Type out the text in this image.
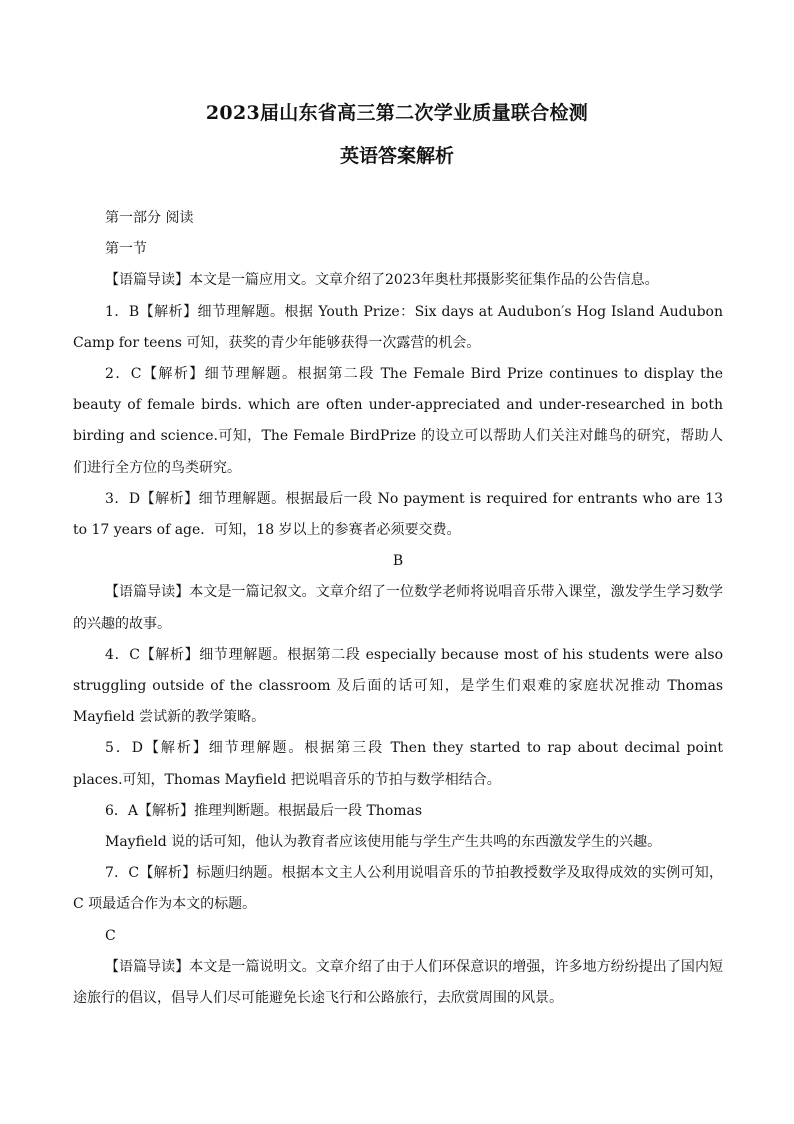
2023届山东省高三第二次学业质量联合检测
英语答案解析

第一部分 阅读

第一节

【语篇导读】本文是一篇应用文。文章介绍了2023年奥杜邦摄影奖征集作品的公告信息。

1．B【解析】细节理解题。根据 Youth Prize：Six days at Audubon′s Hog Island Audubon Camp for teens 可知，获奖的青少年能够获得一次露营的机会。

2．C【解析】细节理解题。根据第二段 The Female Bird Prize continues to display the beauty of female birds. which are often under-appreciated and under-researched in both birding and science.可知，The Female BirdPrize 的设立可以帮助人们关注对雌鸟的研究，帮助人们进行全方位的鸟类研究。

3．D【解析】细节理解题。根据最后一段 No payment is required for entrants who are 13 to 17 years of age．可知，18 岁以上的参赛者必须要交费。

B

【语篇导读】本文是一篇记叙文。文章介绍了一位数学老师将说唱音乐带入课堂，激发学生学习数学的兴趣的故事。

4．C【解析】细节理解题。根据第二段 especially because most of his students were also struggling outside of the classroom 及后面的话可知，是学生们艰难的家庭状况推动 Thomas Mayfield 尝试新的教学策略。

5．D【解析】细节理解题。根据第三段 Then they started to rap about decimal point places.可知，Thomas Mayfield 把说唱音乐的节拍与数学相结合。

6．A【解析】推理判断题。根据最后一段 Thomas

Mayfield 说的话可知，他认为教育者应该使用能与学生产生共鸣的东西激发学生的兴趣。

7．C【解析】标题归纳题。根据本文主人公利用说唱音乐的节拍教授数学及取得成效的实例可知，C 项最适合作为本文的标题。

C

【语篇导读】本文是一篇说明文。文章介绍了由于人们环保意识的增强，许多地方纷纷提出了国内短途旅行的倡议，倡导人们尽可能避免长途飞行和公路旅行，去欣赏周围的风景。
